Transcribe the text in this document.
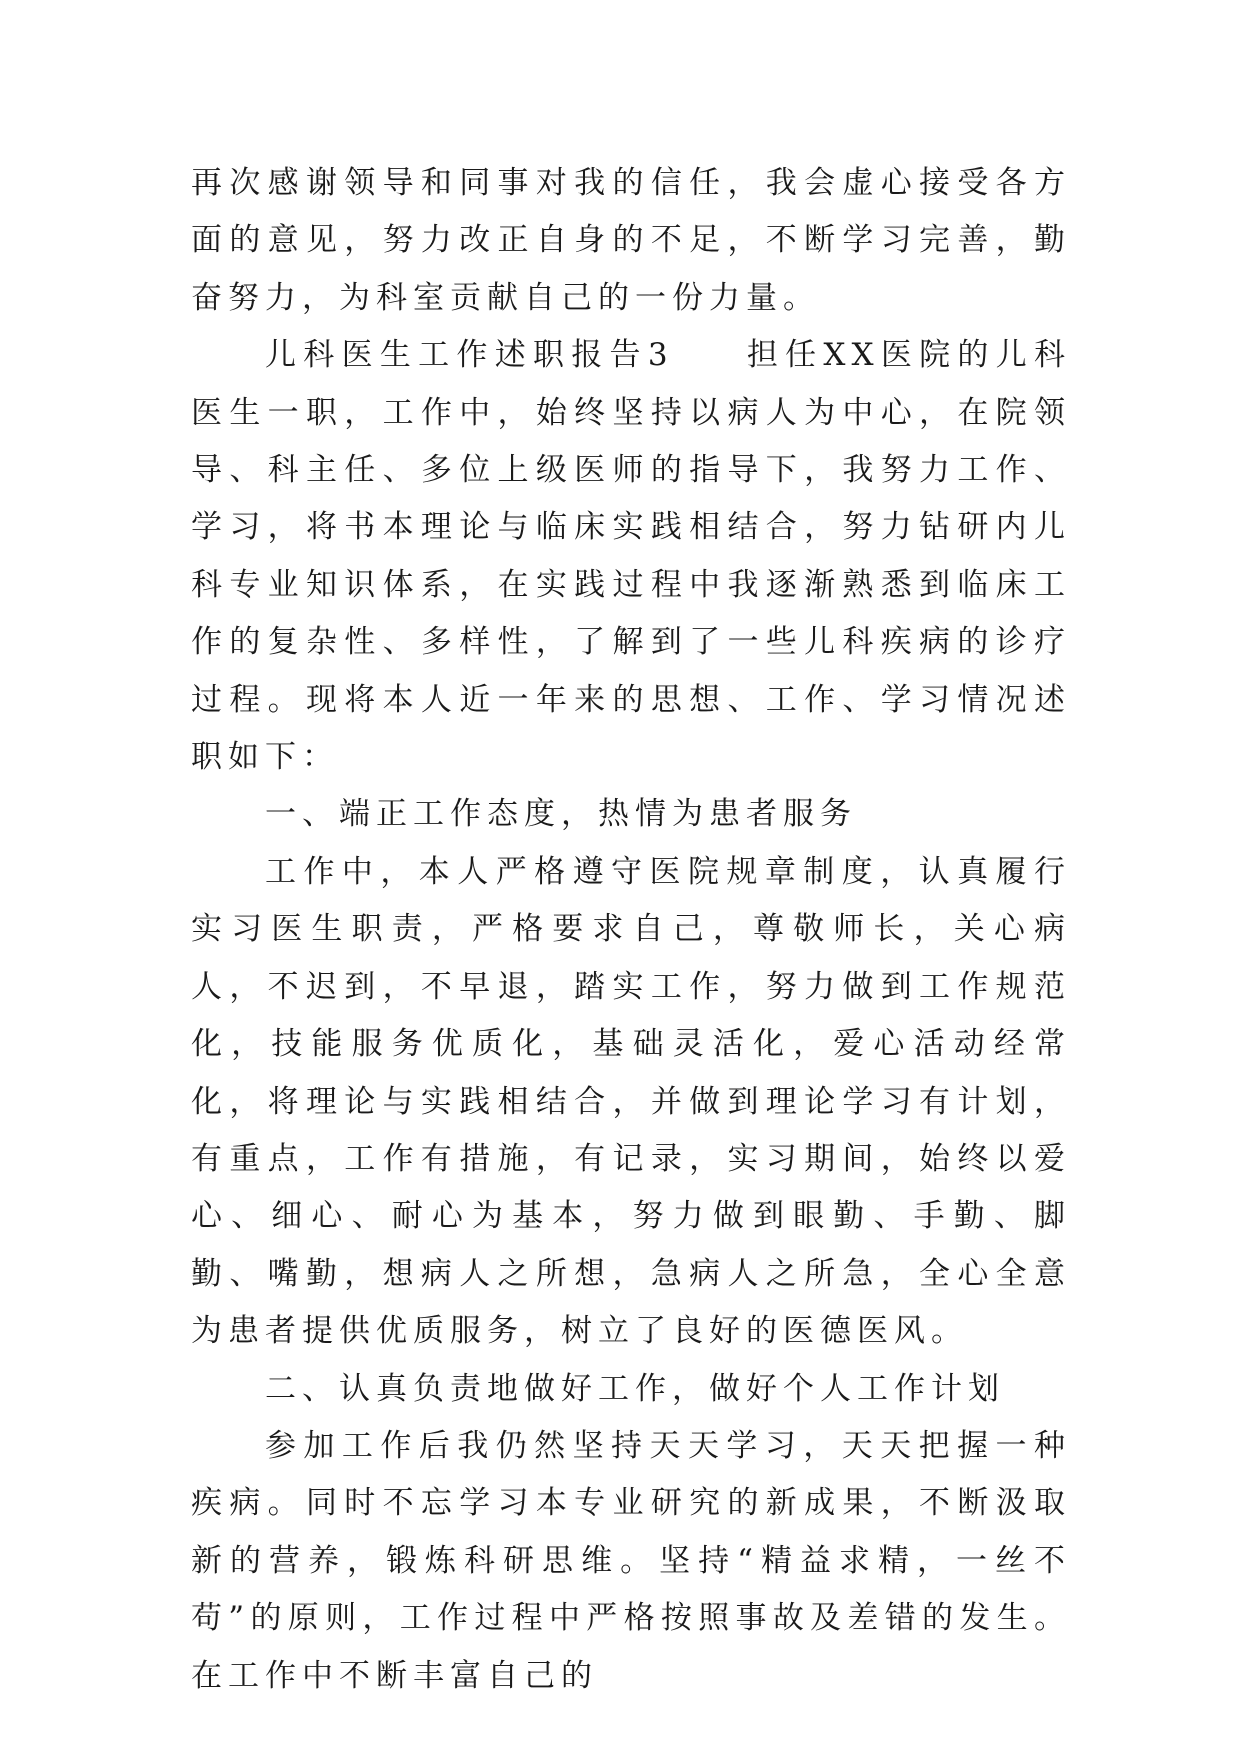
再次感谢领导和同事对我的信任，我会虚心接受各方面的意见，努力改正自身的不足，不断学习完善，勤奋努力，为科室贡献自己的一份力量。

儿科医生工作述职报告3 担任XX医院的儿科医生一职，工作中，始终坚持以病人为中心，在院领导、科主任、多位上级医师的指导下，我努力工作、学习，将书本理论与临床实践相结合，努力钻研内儿科专业知识体系，在实践过程中我逐渐熟悉到临床工作的复杂性、多样性，了解到了一些儿科疾病的诊疗过程。现将本人近一年来的思想、工作、学习情况述职如下：

一、端正工作态度，热情为患者服务

工作中，本人严格遵守医院规章制度，认真履行实习医生职责，严格要求自己，尊敬师长，关心病人，不迟到，不早退，踏实工作，努力做到工作规范化，技能服务优质化，基础灵活化，爱心活动经常化，将理论与实践相结合，并做到理论学习有计划，有重点，工作有措施，有记录，实习期间，始终以爱心、细心、耐心为基本，努力做到眼勤、手勤、脚勤、嘴勤，想病人之所想，急病人之所急，全心全意为患者提供优质服务，树立了良好的医德医风。

二、认真负责地做好工作，做好个人工作计划

参加工作后我仍然坚持天天学习，天天把握一种疾病。同时不忘学习本专业研究的新成果，不断汲取新的营养，锻炼科研思维。坚持“精益求精，一丝不苟”的原则，工作过程中严格按照事故及差错的发生。在工作中不断丰富自己的
